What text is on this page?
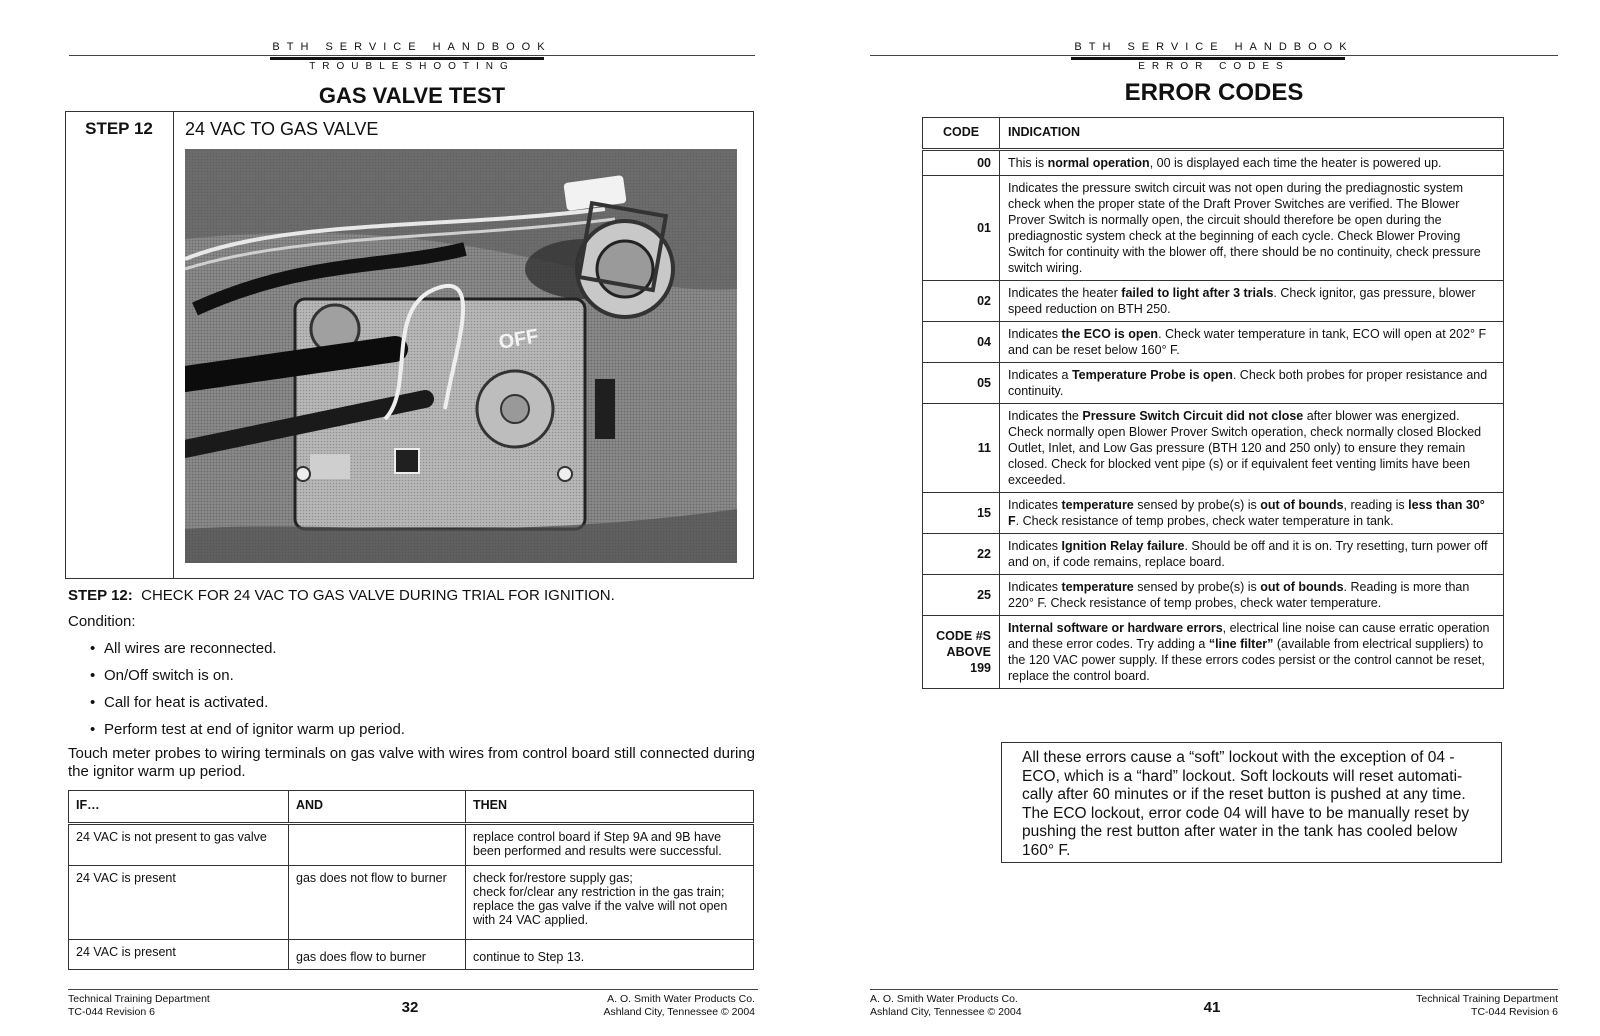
BTH SERVICE HANDBOOK
TROUBLESHOOTING
GAS VALVE TEST
STEP 12	24 VAC TO GAS VALVE
OFF
STEP 12: CHECK FOR 24 VAC TO GAS VALVE DURING TRIAL FOR IGNITION.
Condition:
• All wires are reconnected.
• On/Off switch is on.
• Call for heat is activated.
• Perform test at end of ignitor warm up period.
Touch meter probes to wiring terminals on gas valve with wires from control board still connected during the ignitor warm up period.
IF…	AND	THEN
24 VAC is not present to gas valve		replace control board if Step 9A and 9B have been performed and results were successful.
24 VAC is present	gas does not flow to burner	check for/restore supply gas;
check for/clear any restriction in the gas train;
replace the gas valve if the valve will not open with 24 VAC applied.
24 VAC is present	gas does flow to burner	continue to Step 13.
Technical Training Department
TC-044 Revision 6	32	A. O. Smith Water Products Co.
Ashland City, Tennessee © 2004
BTH SERVICE HANDBOOK
ERROR CODES
ERROR CODES
CODE	INDICATION
00	This is normal operation, 00 is displayed each time the heater is powered up.
01	Indicates the pressure switch circuit was not open during the prediagnostic system check when the proper state of the Draft Prover Switches are verified. The Blower Prover Switch is normally open, the circuit should therefore be open during the prediagnostic system check at the beginning of each cycle. Check Blower Proving Switch for continuity with the blower off, there should be no continuity, check pressure switch wiring.
02	Indicates the heater failed to light after 3 trials. Check ignitor, gas pressure, blower speed reduction on BTH 250.
04	Indicates the ECO is open. Check water temperature in tank, ECO will open at 202° F and can be reset below 160° F.
05	Indicates a Temperature Probe is open. Check both probes for proper resistance and continuity.
11	Indicates the Pressure Switch Circuit did not close after blower was energized. Check normally open Blower Prover Switch operation, check normally closed Blocked Outlet, Inlet, and Low Gas pressure (BTH 120 and 250 only) to ensure they remain closed. Check for blocked vent pipe (s) or if equivalent feet venting limits have been exceeded.
15	Indicates temperature sensed by probe(s) is out of bounds, reading is less than 30° F. Check resistance of temp probes, check water temperature in tank.
22	Indicates Ignition Relay failure. Should be off and it is on. Try resetting, turn power off and on, if code remains, replace board.
25	Indicates temperature sensed by probe(s) is out of bounds. Reading is more than 220° F. Check resistance of temp probes, check water temperature.
CODE #S ABOVE 199	Internal software or hardware errors, electrical line noise can cause erratic operation and these error codes. Try adding a “line filter” (available from electrical suppliers) to the 120 VAC power supply. If these errors codes persist or the control cannot be reset, replace the control board.
All these errors cause a “soft” lockout with the exception of 04 - ECO, which is a “hard” lockout. Soft lockouts will reset automati-cally after 60 minutes or if the reset button is pushed at any time. The ECO lockout, error code 04 will have to be manually reset by pushing the rest button after water in the tank has cooled below 160° F.
A. O. Smith Water Products Co.
Ashland City, Tennessee © 2004	41	Technical Training Department
TC-044 Revision 6
